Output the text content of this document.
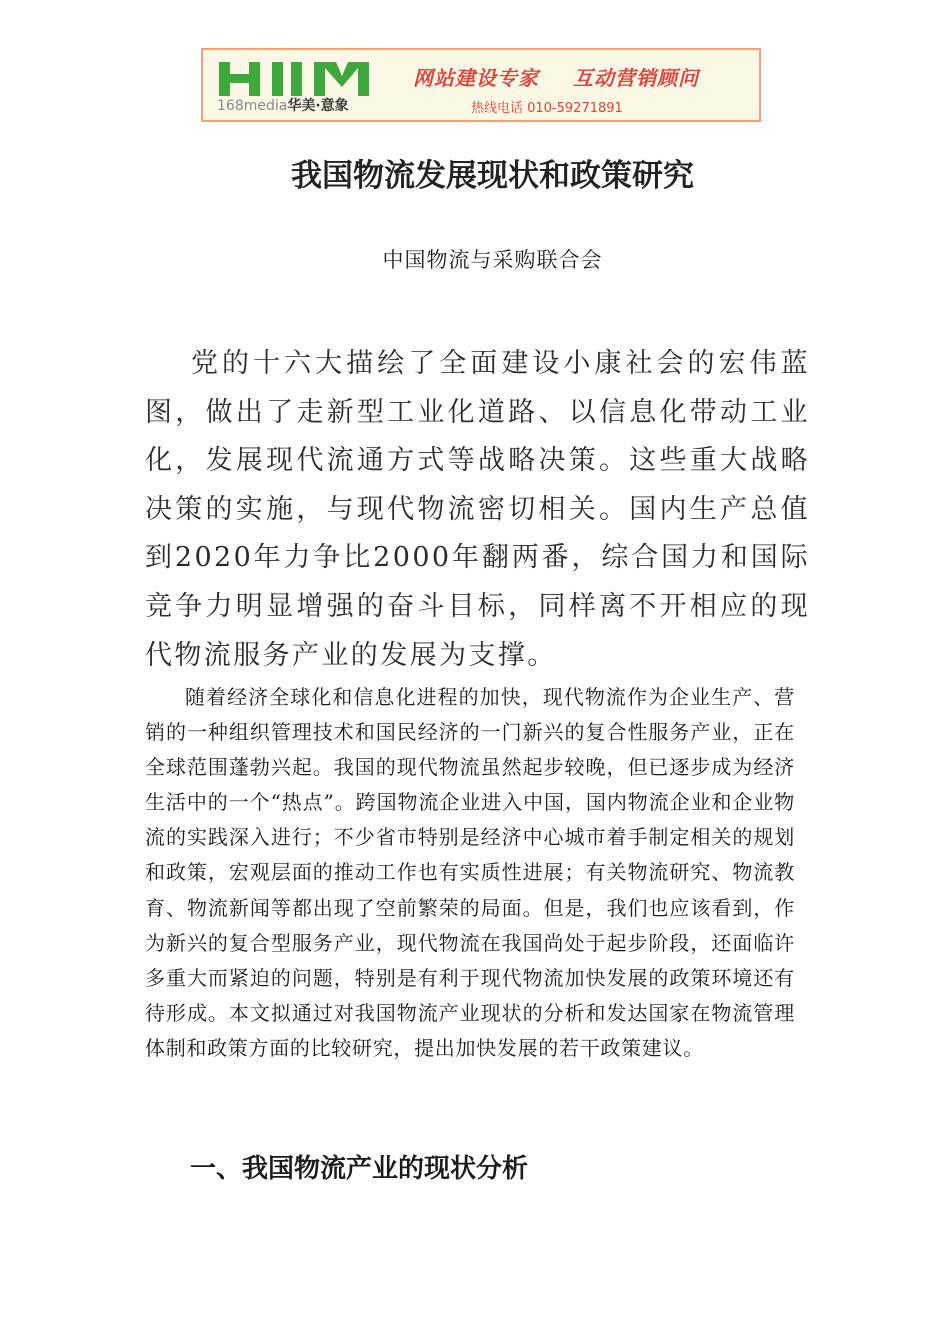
168media华美·意象
网站建设专家 互动营销顾问
热线电话 010-59271891
我国物流发展现状和政策研究
中国物流与采购联合会

党的十六大描绘了全面建设小康社会的宏伟蓝图，做出了走新型工业化道路、以信息化带动工业化，发展现代流通方式等战略决策。这些重大战略决策的实施，与现代物流密切相关。国内生产总值到2020年力争比2000年翻两番，综合国力和国际竞争力明显增强的奋斗目标，同样离不开相应的现代物流服务产业的发展为支撑。

随着经济全球化和信息化进程的加快，现代物流作为企业生产、营销的一种组织管理技术和国民经济的一门新兴的复合性服务产业，正在全球范围蓬勃兴起。我国的现代物流虽然起步较晚，但已逐步成为经济生活中的一个“热点”。跨国物流企业进入中国，国内物流企业和企业物流的实践深入进行；不少省市特别是经济中心城市着手制定相关的规划和政策，宏观层面的推动工作也有实质性进展；有关物流研究、物流教育、物流新闻等都出现了空前繁荣的局面。但是，我们也应该看到，作为新兴的复合型服务产业，现代物流在我国尚处于起步阶段，还面临许多重大而紧迫的问题，特别是有利于现代物流加快发展的政策环境还有待形成。本文拟通过对我国物流产业现状的分析和发达国家在物流管理体制和政策方面的比较研究，提出加快发展的若干政策建议。

一、我国物流产业的现状分析
